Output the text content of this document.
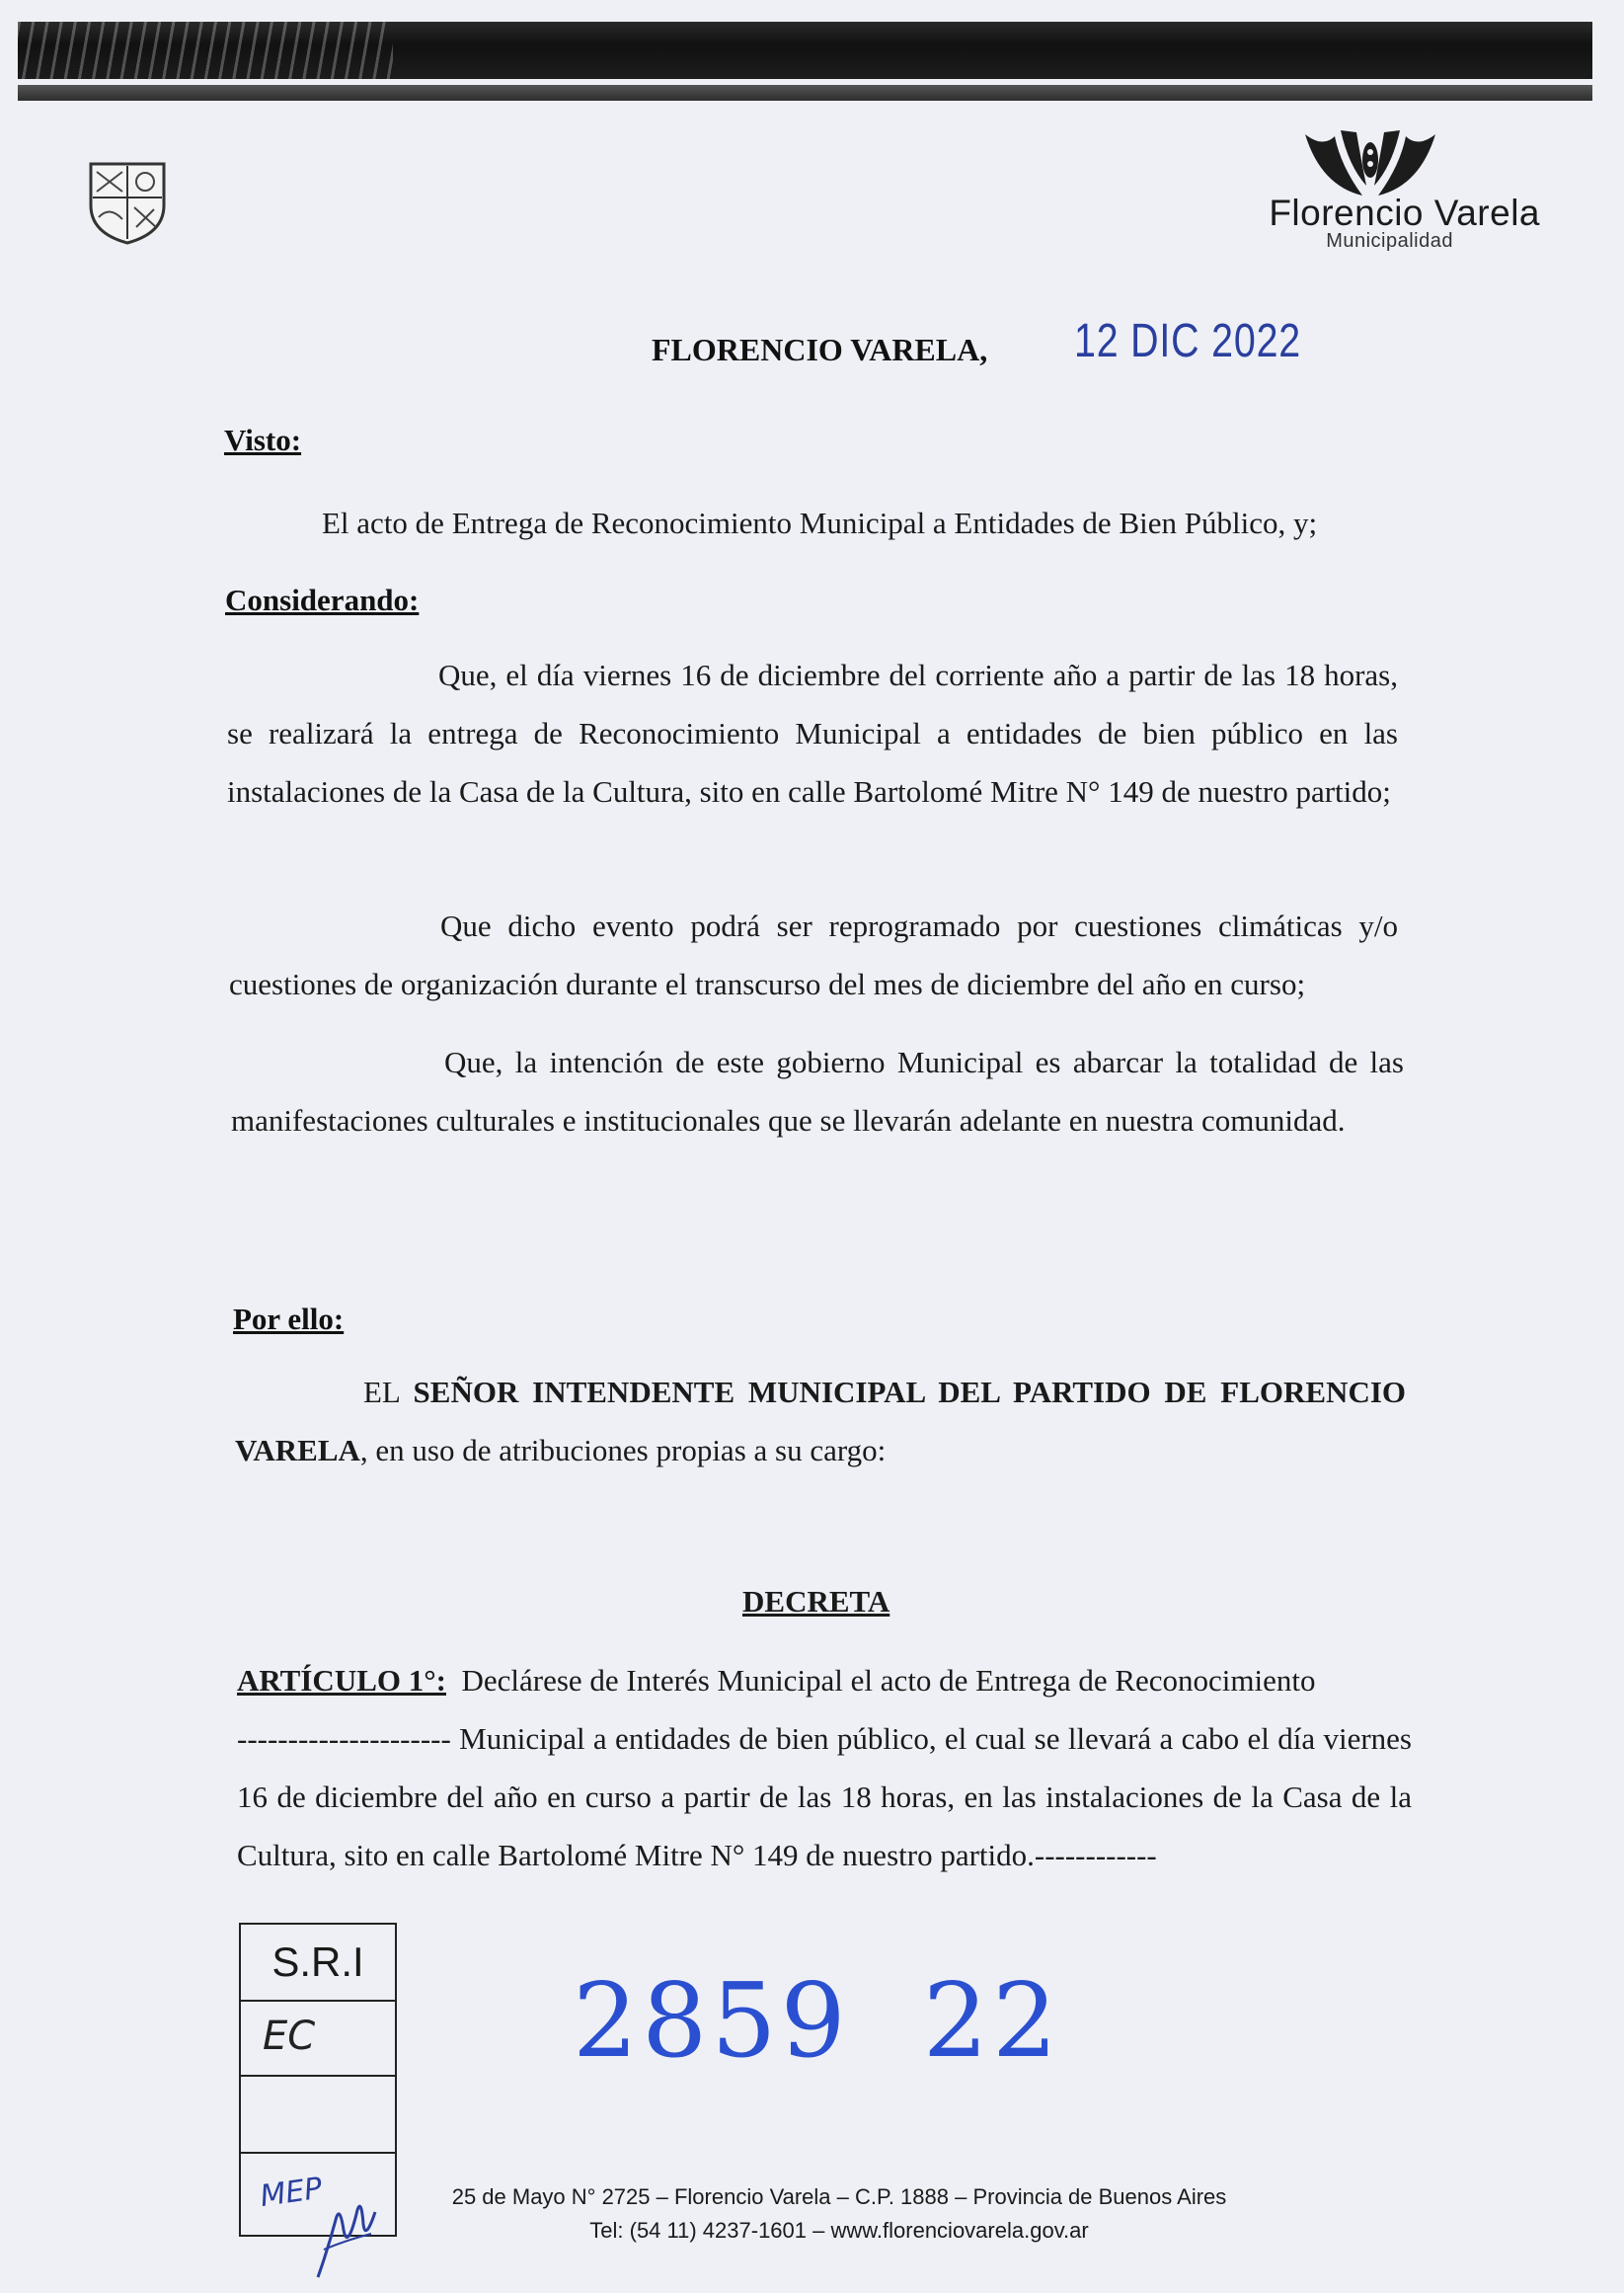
Florencio Varela
Municipalidad
FLORENCIO VARELA, 12 DIC 2022
Visto:
El acto de Entrega de Reconocimiento Municipal a Entidades de Bien Público, y;
Considerando:
Que, el día viernes 16 de diciembre del corriente año a partir de las 18 horas, se realizará la entrega de Reconocimiento Municipal a entidades de bien público en las instalaciones de la Casa de la Cultura, sito en calle Bartolomé Mitre N° 149 de nuestro partido;
Que dicho evento podrá ser reprogramado por cuestiones climáticas y/o cuestiones de organización durante el transcurso del mes de diciembre del año en curso;
Que, la intención de este gobierno Municipal es abarcar la totalidad de las manifestaciones culturales e institucionales que se llevarán adelante en nuestra comunidad.
Por ello:
EL SEÑOR INTENDENTE MUNICIPAL DEL PARTIDO DE FLORENCIO VARELA, en uso de atribuciones propias a su cargo:
DECRETA
ARTÍCULO 1°: Declárese de Interés Municipal el acto de Entrega de Reconocimiento
--------------------- Municipal a entidades de bien público, el cual se llevará a cabo el día viernes 16 de diciembre del año en curso a partir de las 18 horas, en las instalaciones de la Casa de la Cultura, sito en calle Bartolomé Mitre N° 149 de nuestro partido.------------
S.R.I
EC
MEP
2859  22
25 de Mayo N° 2725 – Florencio Varela – C.P. 1888 – Provincia de Buenos Aires
Tel: (54 11) 4237-1601 – www.florenciovarela.gov.ar
